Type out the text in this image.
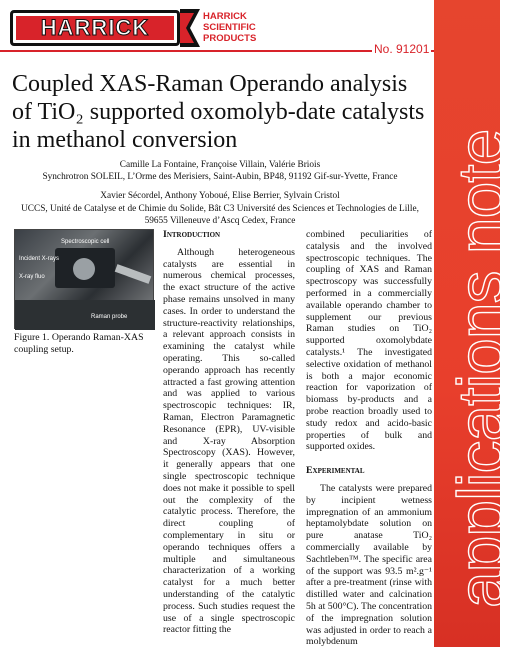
HARRICK	HARRICK
SCIENTIFIC
PRODUCTS
No. 91201
applications note
Coupled XAS-Raman Operando analysis of TiO₂ supported oxomolyb-date catalysts in methanol conversion
Camille La Fontaine, Françoise Villain, Valérie Briois
Synchrotron SOLEIL, L’Orme des Merisiers, Saint-Aubin, BP48, 91192 Gif-sur-Yvette, France
Xavier Sécordel, Anthony Yoboué, Elise Berrier, Sylvain Cristol
UCCS, Unité de Catalyse et de Chimie du Solide, Bât C3 Université des Sciences et Technologies de Lille, 59655 Villeneuve d’Ascq Cedex, France
Spectroscopic cell
Incident X-rays
X-ray fluo
Raman probe
Figure 1. Operando Raman-XAS coupling setup.
Introduction
Although heterogeneous catalysts are essential in numerous chemical processes, the exact structure of the active phase remains unsolved in many cases. In order to understand the structure-reactivity relationships, a relevant approach consists in examining the catalyst while operating. This so-called operando approach has recently attracted a fast growing attention and was applied to various spectroscopic techniques: IR, Raman, Electron Paramagnetic Resonance (EPR), UV-visible and X-ray Absorption Spectroscopy (XAS). However, it generally appears that one single spectroscopic technique does not make it possible to spell out the complexity of the catalytic process. Therefore, the direct coupling of complementary in situ or operando techniques offers a multiple and simultaneous characterization of a working catalyst for a much better understanding of the catalytic process. Such studies request the use of a single spectroscopic reactor fitting the
combined peculiarities of catalysis and the involved spectroscopic techniques. The coupling of XAS and Raman spectroscopy was successfully performed in a commercially available operando chamber to supplement our previous Raman studies on TiO₂ supported oxomolybdate catalysts.¹ The investigated selective oxidation of methanol is both a major economic reaction for vaporization of biomass by-products and a probe reaction broadly used to study redox and acido-basic properties of bulk and supported oxides.
Experimental
The catalysts were prepared by incipient wetness impregnation of an ammonium heptamolybdate solution on pure anatase TiO₂ commercially available by Sachtleben™. The specific area of the support was 93.5 m².g⁻¹ after a pre-treatment (rinse with distilled water and calcination 5h at 500°C). The concentration of the impregnation solution was adjusted in order to reach a molybdenum
